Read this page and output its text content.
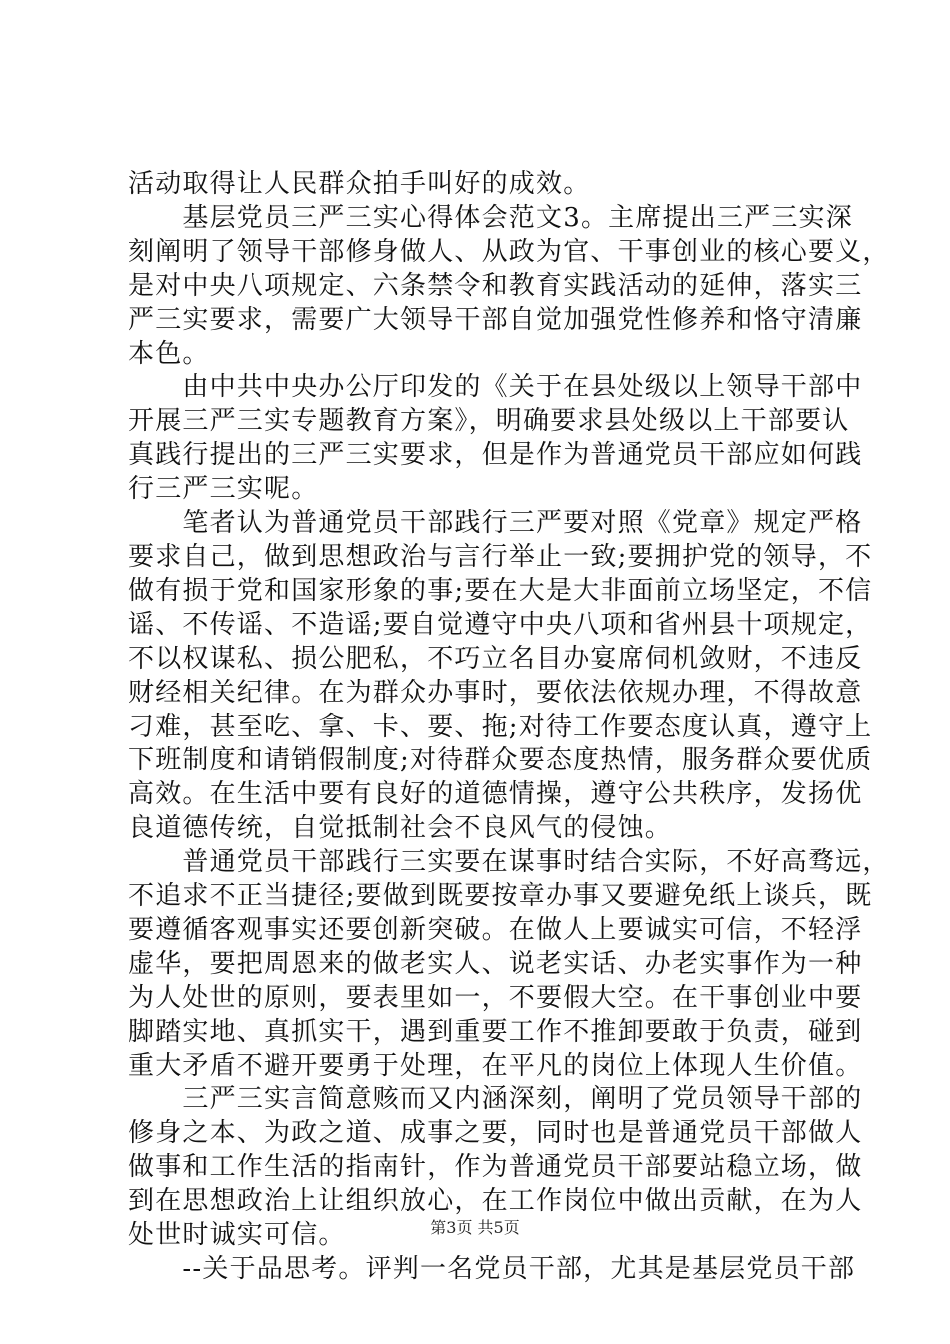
活动取得让人民群众拍手叫好的成效。

　　基层党员三严三实心得体会范文3。主席提出三严三实深
刻阐明了领导干部修身做人、从政为官、干事创业的核心要义，
是对中央八项规定、六条禁令和教育实践活动的延伸，落实三
严三实要求，需要广大领导干部自觉加强党性修养和恪守清廉
本色。

　　由中共中央办公厅印发的《关于在县处级以上领导干部中
开展三严三实专题教育方案》，明确要求县处级以上干部要认
真践行提出的三严三实要求，但是作为普通党员干部应如何践
行三严三实呢。

　　笔者认为普通党员干部践行三严要对照《党章》规定严格
要求自己，做到思想政治与言行举止一致;要拥护党的领导，不
做有损于党和国家形象的事;要在大是大非面前立场坚定，不信
谣、不传谣、不造谣;要自觉遵守中央八项和省州县十项规定，
不以权谋私、损公肥私，不巧立名目办宴席伺机敛财，不违反
财经相关纪律。在为群众办事时，要依法依规办理，不得故意
刁难，甚至吃、拿、卡、要、拖;对待工作要态度认真，遵守上
下班制度和请销假制度;对待群众要态度热情，服务群众要优质
高效。在生活中要有良好的道德情操，遵守公共秩序，发扬优
良道德传统，自觉抵制社会不良风气的侵蚀。

　　普通党员干部践行三实要在谋事时结合实际，不好高骛远，
不追求不正当捷径;要做到既要按章办事又要避免纸上谈兵，既
要遵循客观事实还要创新突破。在做人上要诚实可信，不轻浮
虚华，要把周恩来的做老实人、说老实话、办老实事作为一种
为人处世的原则，要表里如一，不要假大空。在干事创业中要
脚踏实地、真抓实干，遇到重要工作不推卸要敢于负责，碰到
重大矛盾不避开要勇于处理，在平凡的岗位上体现人生价值。

　　三严三实言简意赅而又内涵深刻，阐明了党员领导干部的
修身之本、为政之道、成事之要，同时也是普通党员干部做人
做事和工作生活的指南针，作为普通党员干部要站稳立场，做
到在思想政治上让组织放心，在工作岗位中做出贡献，在为人
处世时诚实可信。

　　--关于品思考。评判一名党员干部，尤其是基层党员干部

第3页 共5页
